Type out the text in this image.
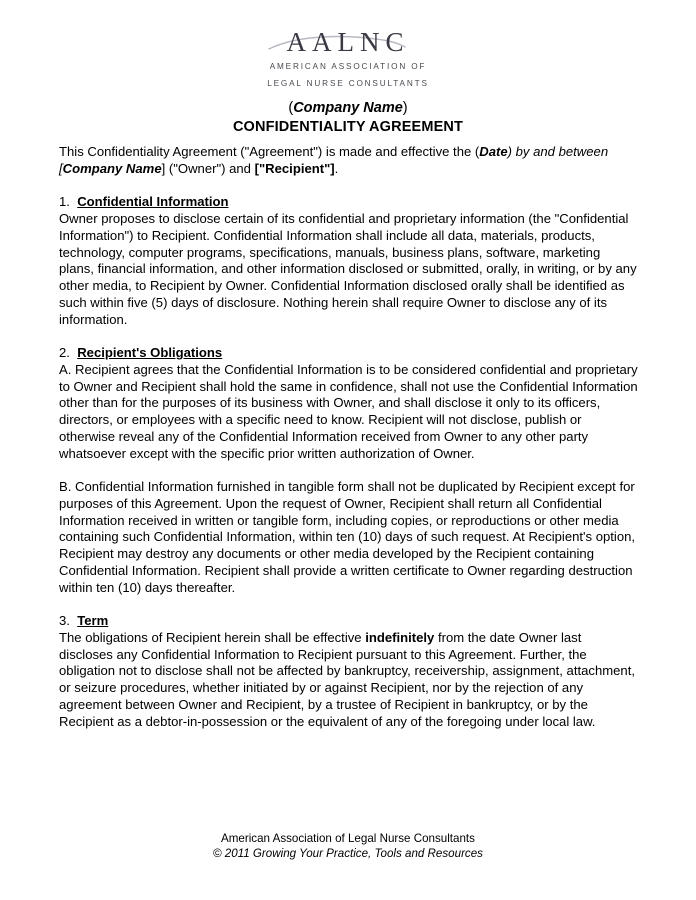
AALNC
AMERICAN ASSOCIATION OF
LEGAL NURSE CONSULTANTS
(Company Name)
CONFIDENTIALITY AGREEMENT

This Confidentiality Agreement ("Agreement") is made and effective the (Date) by and between [Company Name] ("Owner") and ["Recipient"].

1. Confidential Information

Owner proposes to disclose certain of its confidential and proprietary information (the "Confidential Information") to Recipient. Confidential Information shall include all data, materials, products, technology, computer programs, specifications, manuals, business plans, software, marketing plans, financial information, and other information disclosed or submitted, orally, in writing, or by any other media, to Recipient by Owner. Confidential Information disclosed orally shall be identified as such within five (5) days of disclosure. Nothing herein shall require Owner to disclose any of its information.

2. Recipient's Obligations

A. Recipient agrees that the Confidential Information is to be considered confidential and proprietary to Owner and Recipient shall hold the same in confidence, shall not use the Confidential Information other than for the purposes of its business with Owner, and shall disclose it only to its officers, directors, or employees with a specific need to know. Recipient will not disclose, publish or otherwise reveal any of the Confidential Information received from Owner to any other party whatsoever except with the specific prior written authorization of Owner.

B. Confidential Information furnished in tangible form shall not be duplicated by Recipient except for purposes of this Agreement. Upon the request of Owner, Recipient shall return all Confidential Information received in written or tangible form, including copies, or reproductions or other media containing such Confidential Information, within ten (10) days of such request. At Recipient's option, Recipient may destroy any documents or other media developed by the Recipient containing Confidential Information. Recipient shall provide a written certificate to Owner regarding destruction within ten (10) days thereafter.

3. Term

The obligations of Recipient herein shall be effective indefinitely from the date Owner last discloses any Confidential Information to Recipient pursuant to this Agreement. Further, the obligation not to disclose shall not be affected by bankruptcy, receivership, assignment, attachment, or seizure procedures, whether initiated by or against Recipient, nor by the rejection of any agreement between Owner and Recipient, by a trustee of Recipient in bankruptcy, or by the Recipient as a debtor-in-possession or the equivalent of any of the foregoing under local law.

American Association of Legal Nurse Consultants
© 2011 Growing Your Practice, Tools and Resources
